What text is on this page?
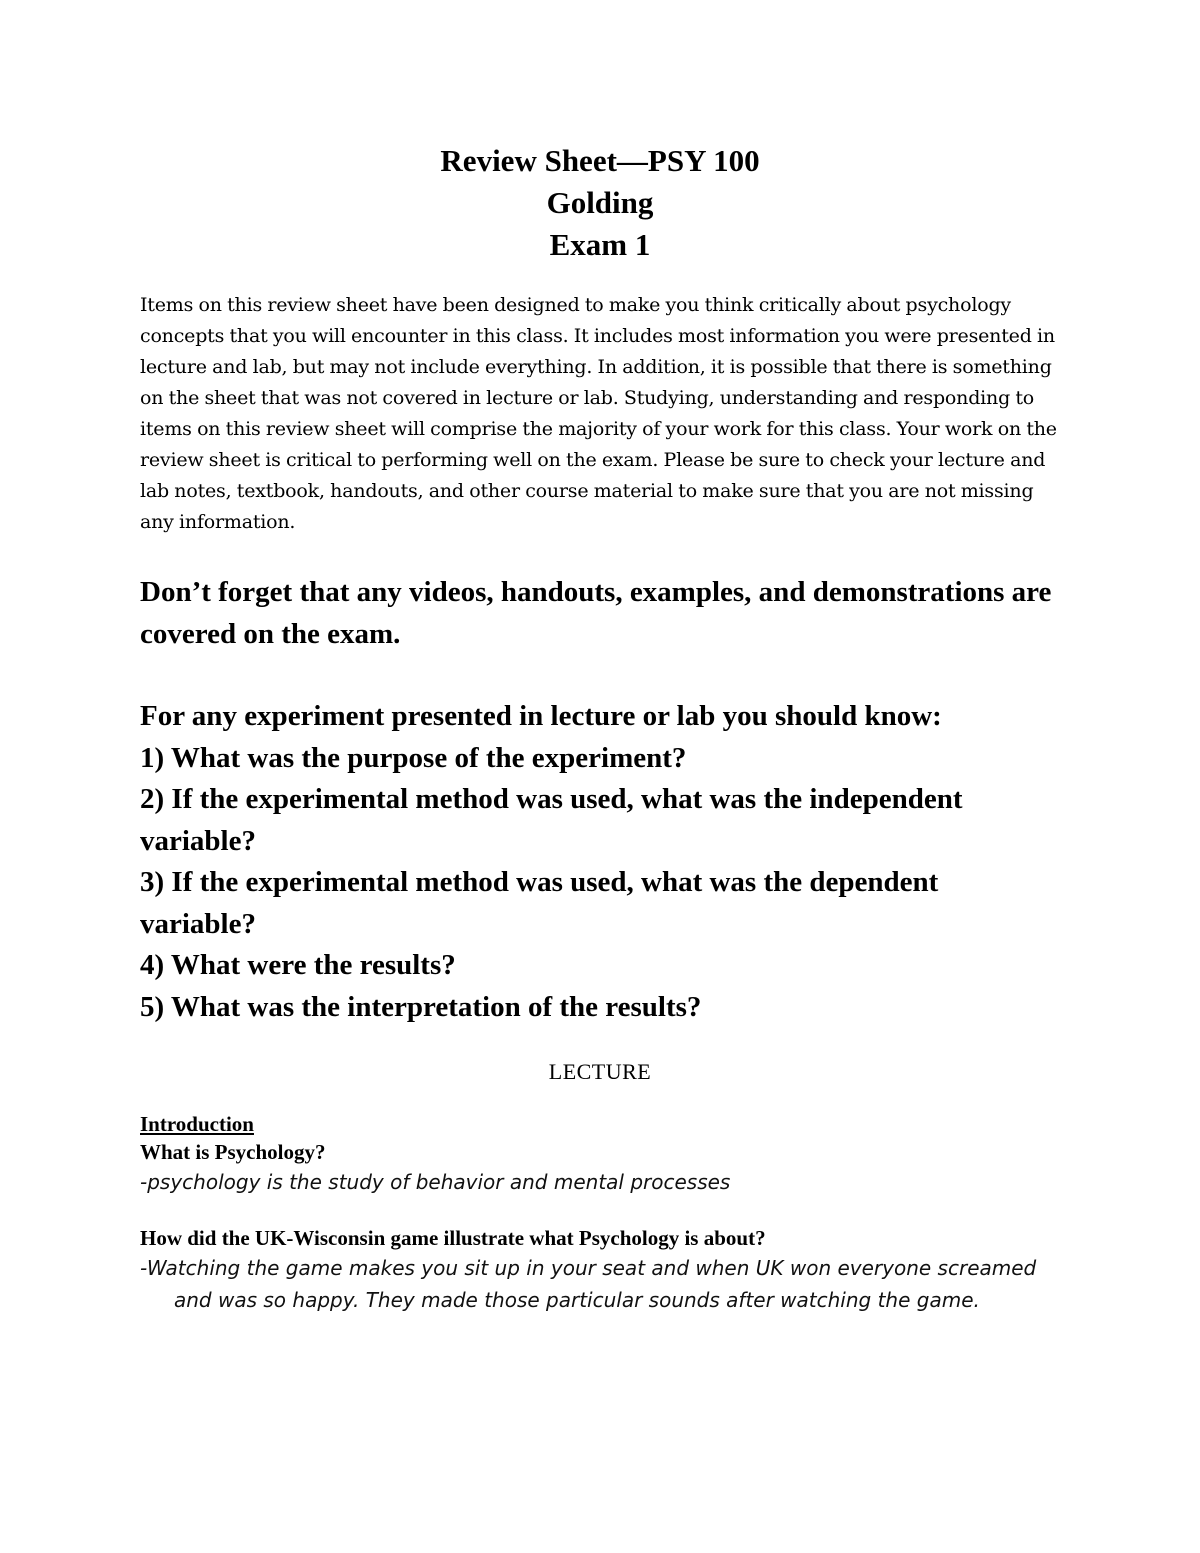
Review Sheet—PSY 100
Golding
Exam 1

Items on this review sheet have been designed to make you think critically about psychology concepts that you will encounter in this class. It includes most information you were presented in lecture and lab, but may not include everything. In addition, it is possible that there is something on the sheet that was not covered in lecture or lab. Studying, understanding and responding to items on this review sheet will comprise the majority of your work for this class. Your work on the review sheet is critical to performing well on the exam. Please be sure to check your lecture and lab notes, textbook, handouts, and other course material to make sure that you are not missing any information.

Don’t forget that any videos, handouts, examples, and demonstrations are covered on the exam.
For any experiment presented in lecture or lab you should know:
1) What was the purpose of the experiment?
2) If the experimental method was used, what was the independent variable?
3) If the experimental method was used, what was the dependent variable?
4) What were the results?
5) What was the interpretation of the results?
LECTURE
Introduction
What is Psychology?
-psychology is the study of behavior and mental processes
How did the UK-Wisconsin game illustrate what Psychology is about?
-Watching the game makes you sit up in your seat and when UK won everyone screamed and was so happy. They made those particular sounds after watching the game.
